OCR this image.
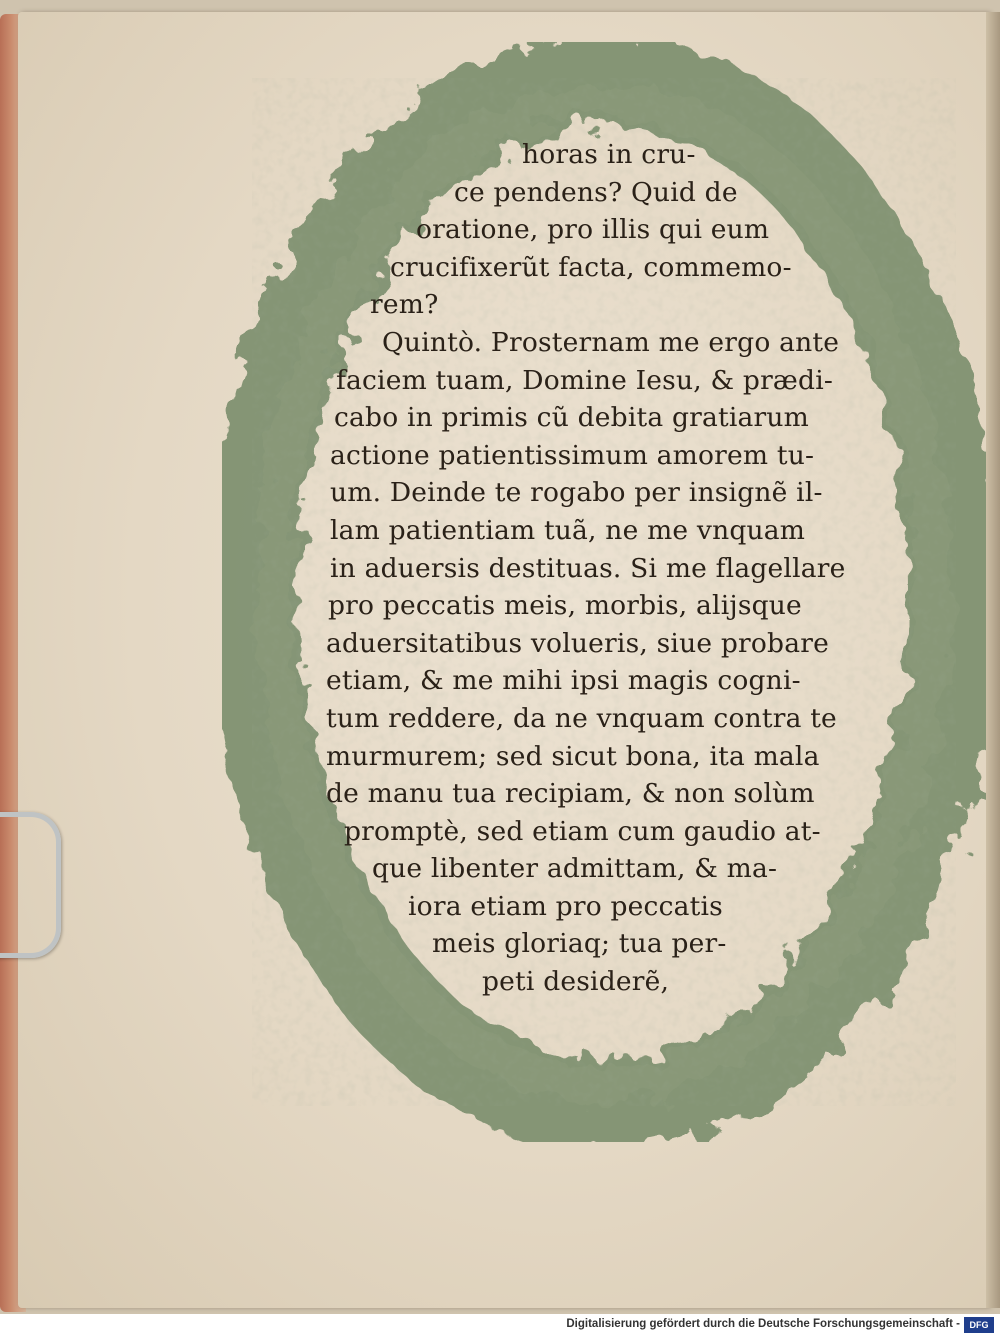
horas in cru-
ce pendens? Quid de
oratione, pro illis qui eum
crucifixerũt facta, commemo-
rem?
Quintò. Prosternam me ergo ante
faciem tuam, Domine Iesu, & prædi-
cabo in primis cũ debita gratiarum
actione patientissimum amorem tu-
um. Deinde te rogabo per insignẽ il-
lam patientiam tuã, ne me vnquam
in aduersis destituas. Si me flagellare
pro peccatis meis, morbis, alijsque
aduersitatibus volueris, siue probare
etiam, & me mihi ipsi magis cogni-
tum reddere, da ne vnquam contra te
murmurem; sed sicut bona, ita mala
de manu tua recipiam, & non solùm
promptè, sed etiam cum gaudio at-
que libenter admittam, & ma-
iora etiam pro peccatis
meis gloriaq; tua per-
peti desiderẽ,
Digitalisierung gefördert durch die Deutsche Forschungsgemeinschaft -	DFG
